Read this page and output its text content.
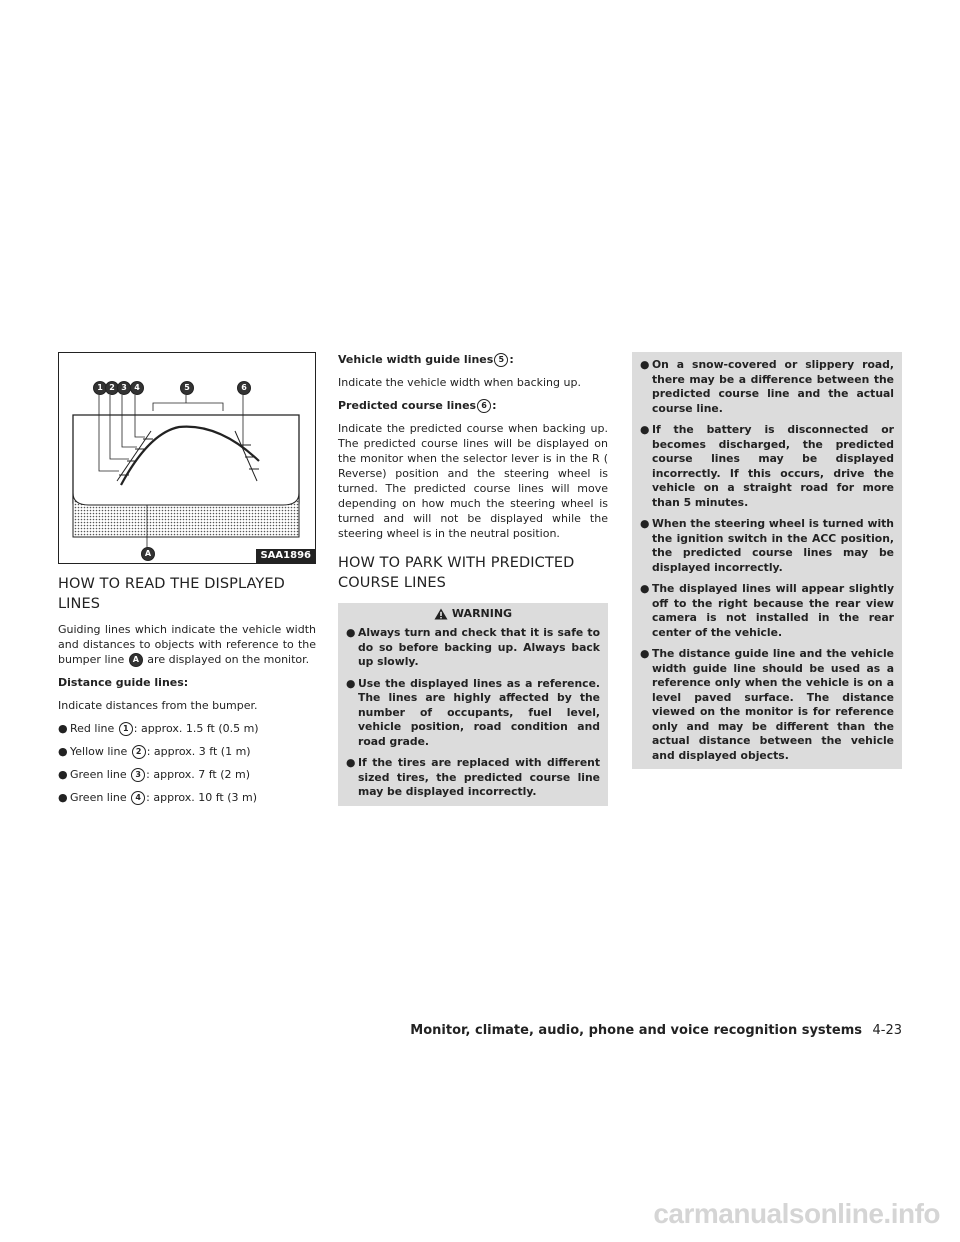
1 2 3 4	5	6
A	SAA1896
HOW TO READ THE DISPLAYED LINES

Guiding lines which indicate the vehicle width and distances to objects with reference to the bumper line A are displayed on the monitor.

Distance guide lines:

Indicate distances from the bumper.

● Red line 1 : approx. 1.5 ft (0.5 m)
● Yellow line 2 : approx. 3 ft (1 m)
● Green line 3 : approx. 7 ft (2 m)
● Green line 4 : approx. 10 ft (3 m)

Vehicle width guide lines 5 :

Indicate the vehicle width when backing up.

Predicted course lines 6 :

Indicate the predicted course when backing up. The predicted course lines will be displayed on the monitor when the selector lever is in the R ( Reverse) position and the steering wheel is turned. The predicted course lines will move depending on how much the steering wheel is turned and will not be displayed while the steering wheel is in the neutral position.

HOW TO PARK WITH PREDICTED COURSE LINES
WARNING
● Always turn and check that it is safe to do so before backing up. Always back up slowly.
● Use the displayed lines as a reference. The lines are highly affected by the number of occupants, fuel level, vehicle position, road condition and road grade.
● If the tires are replaced with different sized tires, the predicted course line may be displayed incorrectly.
● On a snow-covered or slippery road, there may be a difference between the predicted course line and the actual course line.
● If the battery is disconnected or becomes discharged, the predicted course lines may be displayed incorrectly. If this occurs, drive the vehicle on a straight road for more than 5 minutes.
● When the steering wheel is turned with the ignition switch in the ACC position, the predicted course lines may be displayed incorrectly.
● The displayed lines will appear slightly off to the right because the rear view camera is not installed in the rear center of the vehicle.
● The distance guide line and the vehicle width guide line should be used as a reference only when the vehicle is on a level paved surface. The distance viewed on the monitor is for reference only and may be different than the actual distance between the vehicle and displayed objects.
Monitor, climate, audio, phone and voice recognition systems 4-23
carmanualsonline.info
